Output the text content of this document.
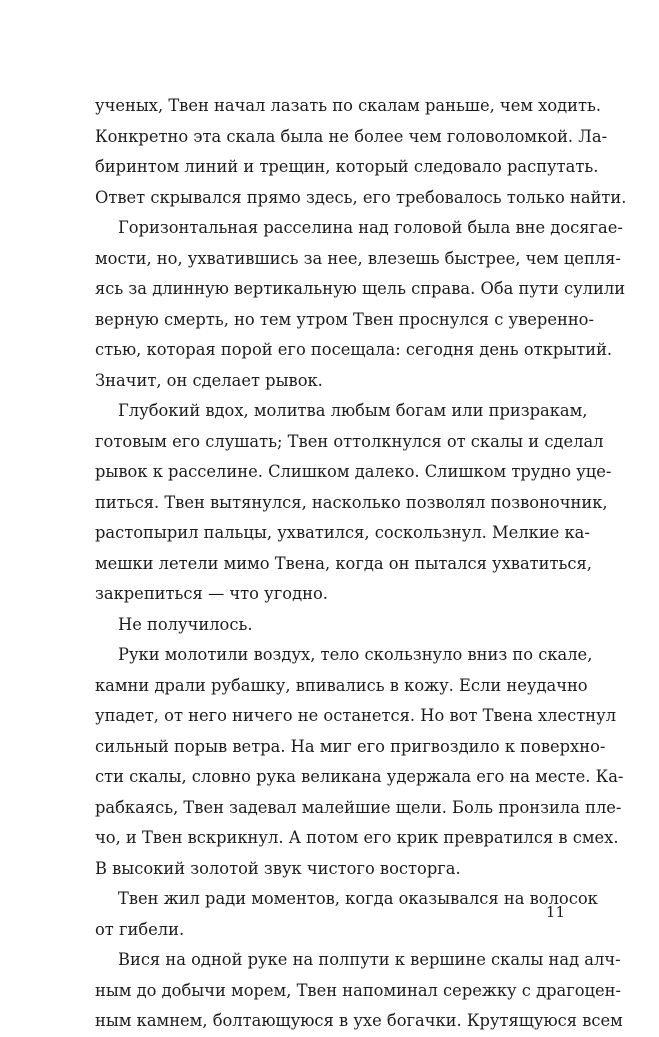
ученых, Твен начал лазать по скалам раньше, чем ходить.
Конкретно эта скала была не более чем головоломкой. Ла-
биринтом линий и трещин, который следовало распутать.
Ответ скрывался прямо здесь, его требовалось только найти.
Горизонтальная расселина над головой была вне досягае-
мости, но, ухватившись за нее, влезешь быстрее, чем цепля-
ясь за длинную вертикальную щель справа. Оба пути сулили
верную смерть, но тем утром Твен проснулся с уверенно-
стью, которая порой его посещала: сегодня день открытий.
Значит, он сделает рывок.
Глубокий вдох, молитва любым богам или призракам,
готовым его слушать; Твен оттолкнулся от скалы и сделал
рывок к расселине. Слишком далеко. Слишком трудно уце-
питься. Твен вытянулся, насколько позволял позвоночник,
растопырил пальцы, ухватился, соскользнул. Мелкие ка-
мешки летели мимо Твена, когда он пытался ухватиться,
закрепиться — что угодно.
Не получилось.
Руки молотили воздух, тело скользнуло вниз по скале,
камни драли рубашку, впивались в кожу. Если неудачно
упадет, от него ничего не останется. Но вот Твена хлестнул
сильный порыв ветра. На миг его пригвоздило к поверхно-
сти скалы, словно рука великана удержала его на месте. Ка-
рабкаясь, Твен задевал малейшие щели. Боль пронзила пле-
чо, и Твен вскрикнул. А потом его крик превратился в смех.
В высокий золотой звук чистого восторга.
Твен жил ради моментов, когда оказывался на волосок
от гибели.
Вися на одной руке на полпути к вершине скалы над алч-
ным до добычи морем, Твен напоминал сережку с драгоцен-
ным камнем, болтающуюся в ухе богачки. Крутящуюся всем
11
